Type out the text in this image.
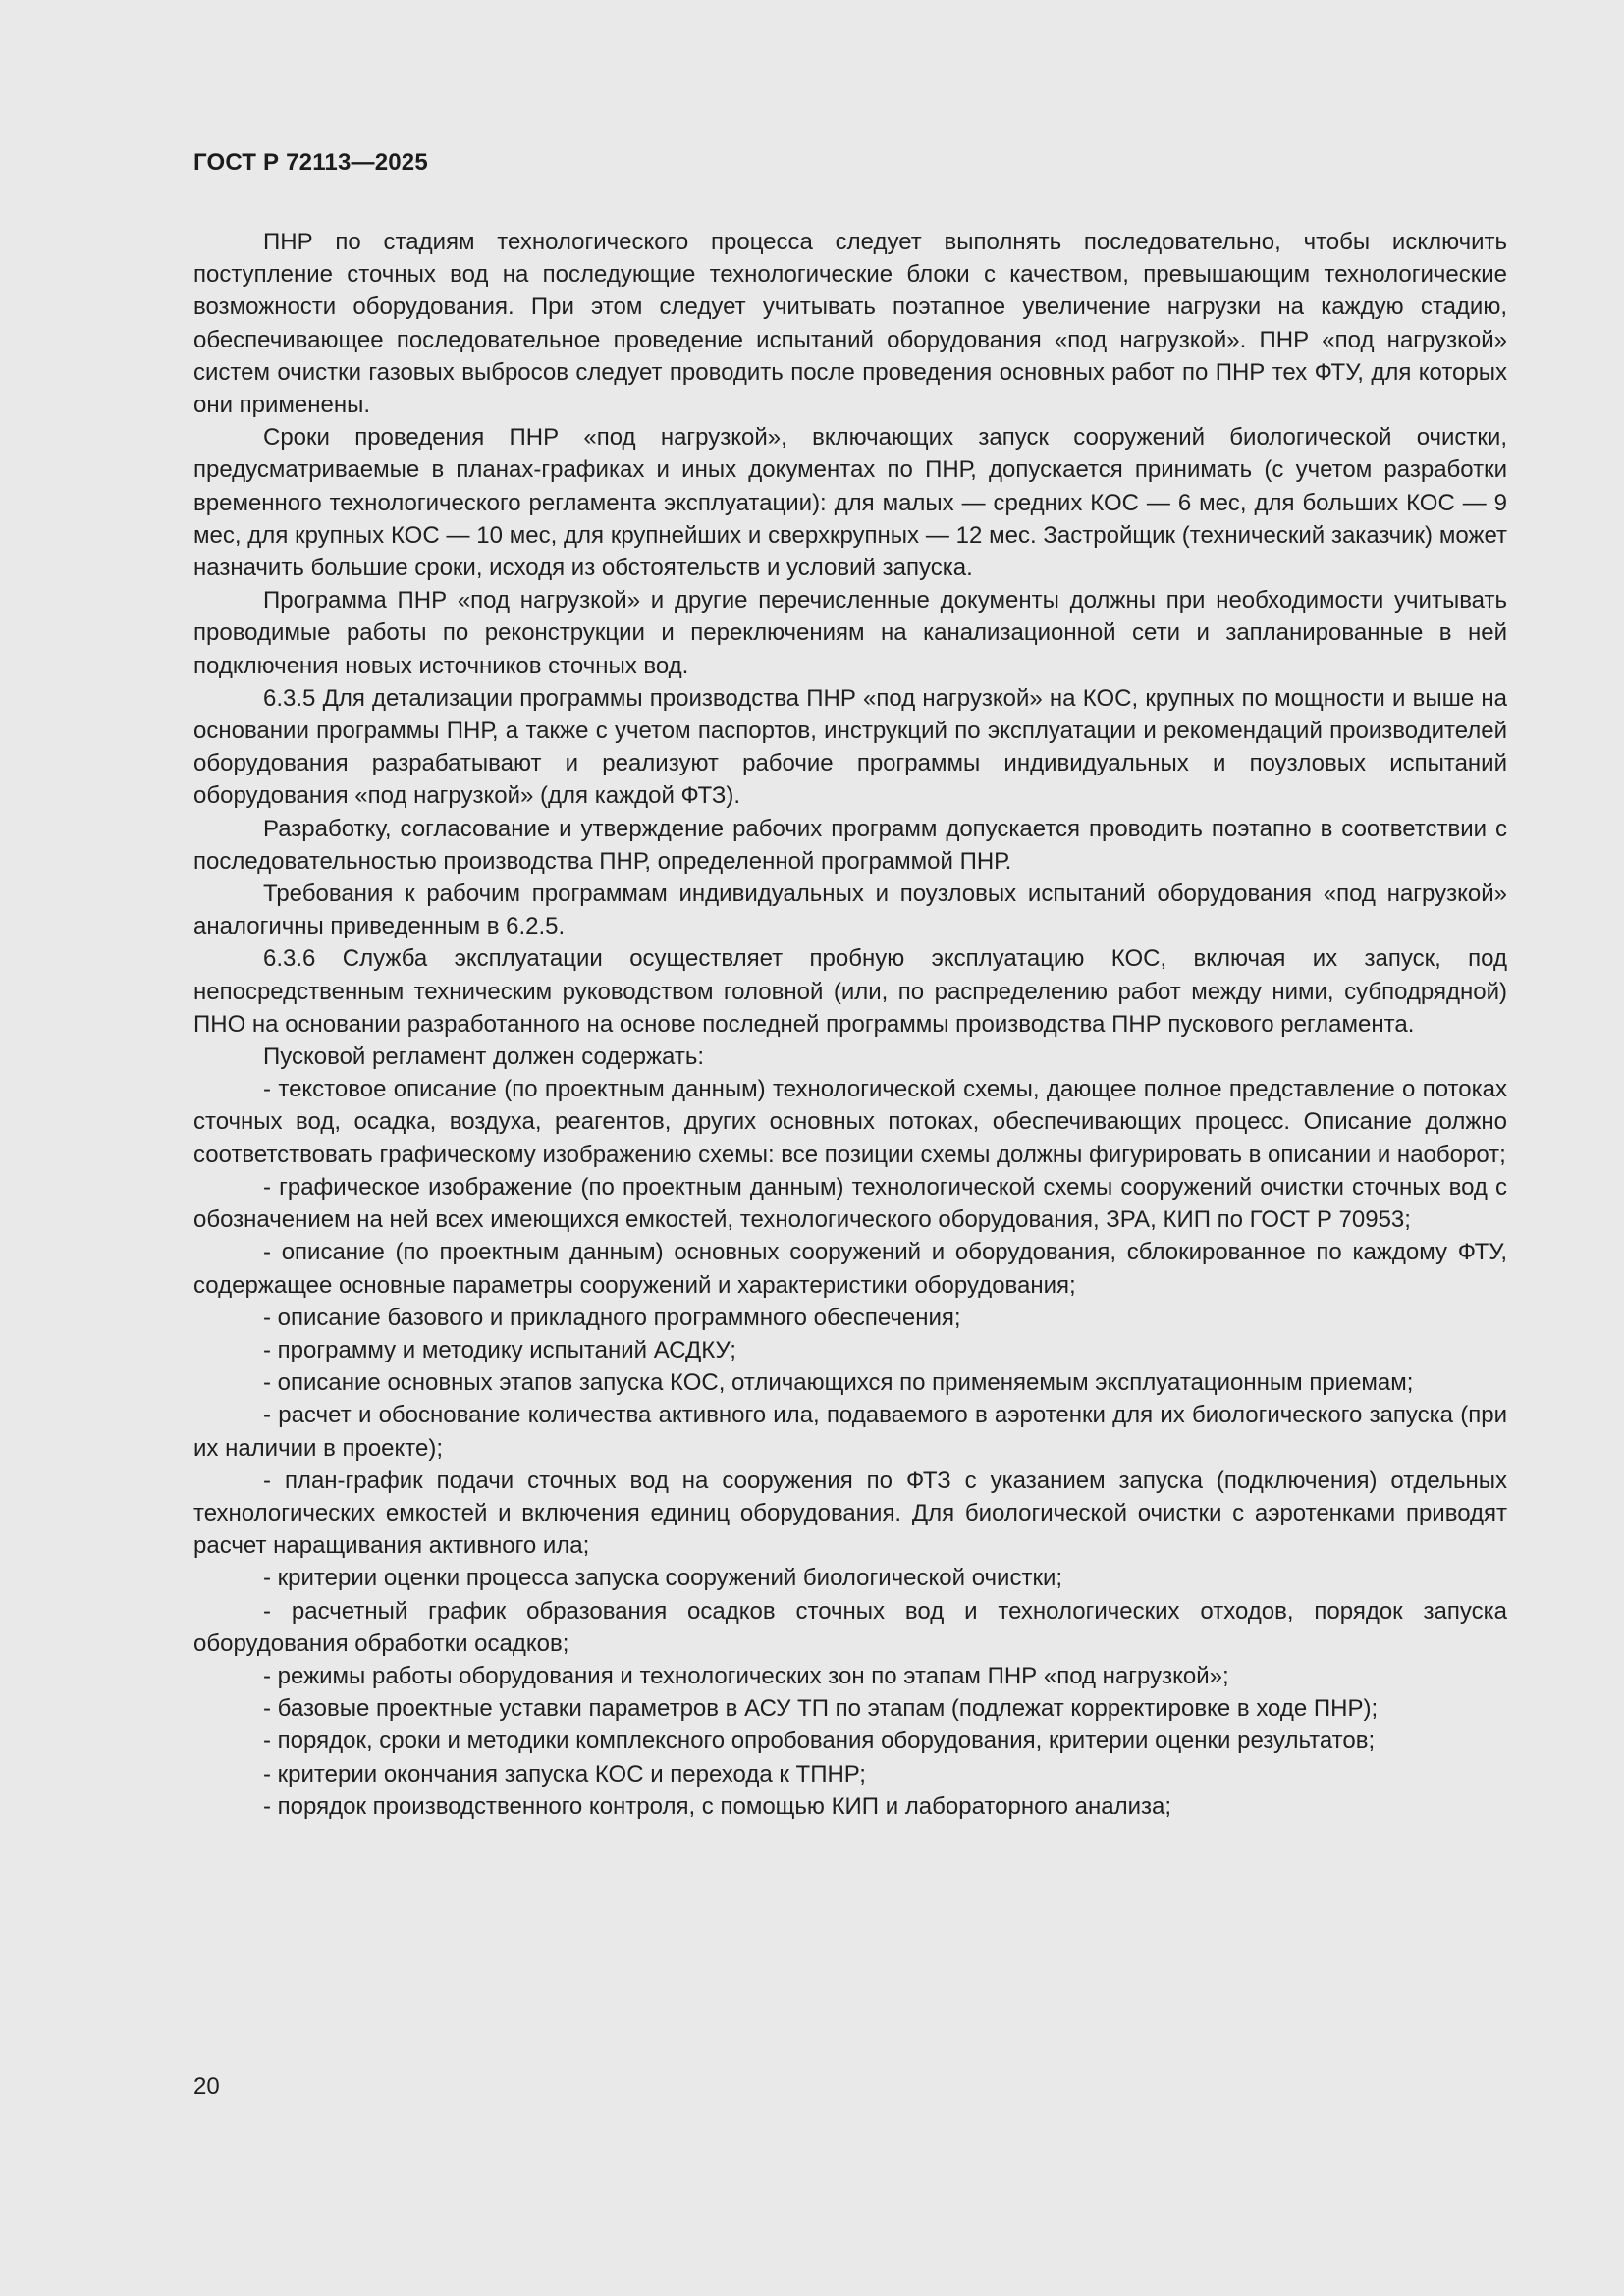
ГОСТ Р 72113—2025

ПНР по стадиям технологического процесса следует выполнять последовательно, чтобы исключить поступление сточных вод на последующие технологические блоки с качеством, превышающим технологические возможности оборудования. При этом следует учитывать поэтапное увеличение нагрузки на каждую стадию, обеспечивающее последовательное проведение испытаний оборудования «под нагрузкой». ПНР «под нагрузкой» систем очистки газовых выбросов следует проводить после проведения основных работ по ПНР тех ФТУ, для которых они применены.

Сроки проведения ПНР «под нагрузкой», включающих запуск сооружений биологической очистки, предусматриваемые в планах-графиках и иных документах по ПНР, допускается принимать (с учетом разработки временного технологического регламента эксплуатации): для малых — средних КОС — 6 мес, для больших КОС — 9 мес, для крупных КОС — 10 мес, для крупнейших и сверхкрупных — 12 мес. Застройщик (технический заказчик) может назначить большие сроки, исходя из обстоятельств и условий запуска.

Программа ПНР «под нагрузкой» и другие перечисленные документы должны при необходимости учитывать проводимые работы по реконструкции и переключениям на канализационной сети и запланированные в ней подключения новых источников сточных вод.

6.3.5 Для детализации программы производства ПНР «под нагрузкой» на КОС, крупных по мощности и выше на основании программы ПНР, а также с учетом паспортов, инструкций по эксплуатации и рекомендаций производителей оборудования разрабатывают и реализуют рабочие программы индивидуальных и поузловых испытаний оборудования «под нагрузкой» (для каждой ФТЗ).

Разработку, согласование и утверждение рабочих программ допускается проводить поэтапно в соответствии с последовательностью производства ПНР, определенной программой ПНР.

Требования к рабочим программам индивидуальных и поузловых испытаний оборудования «под нагрузкой» аналогичны приведенным в 6.2.5.

6.3.6 Служба эксплуатации осуществляет пробную эксплуатацию КОС, включая их запуск, под непосредственным техническим руководством головной (или, по распределению работ между ними, субподрядной) ПНО на основании разработанного на основе последней программы производства ПНР пускового регламента.

Пусковой регламент должен содержать:

- текстовое описание (по проектным данным) технологической схемы, дающее полное представление о потоках сточных вод, осадка, воздуха, реагентов, других основных потоках, обеспечивающих процесс. Описание должно соответствовать графическому изображению схемы: все позиции схемы должны фигурировать в описании и наоборот;

- графическое изображение (по проектным данным) технологической схемы сооружений очистки сточных вод с обозначением на ней всех имеющихся емкостей, технологического оборудования, ЗРА, КИП по ГОСТ Р 70953;

- описание (по проектным данным) основных сооружений и оборудования, сблокированное по каждому ФТУ, содержащее основные параметры сооружений и характеристики оборудования;

- описание базового и прикладного программного обеспечения;

- программу и методику испытаний АСДКУ;

- описание основных этапов запуска КОС, отличающихся по применяемым эксплуатационным приемам;

- расчет и обоснование количества активного ила, подаваемого в аэротенки для их биологического запуска (при их наличии в проекте);

- план-график подачи сточных вод на сооружения по ФТЗ с указанием запуска (подключения) отдельных технологических емкостей и включения единиц оборудования. Для биологической очистки с аэротенками приводят расчет наращивания активного ила;

- критерии оценки процесса запуска сооружений биологической очистки;

- расчетный график образования осадков сточных вод и технологических отходов, порядок запуска оборудования обработки осадков;

- режимы работы оборудования и технологических зон по этапам ПНР «под нагрузкой»;

- базовые проектные уставки параметров в АСУ ТП по этапам (подлежат корректировке в ходе ПНР);

- порядок, сроки и методики комплексного опробования оборудования, критерии оценки результатов;

- критерии окончания запуска КОС и перехода к ТПНР;

- порядок производственного контроля, с помощью КИП и лабораторного анализа;

20
